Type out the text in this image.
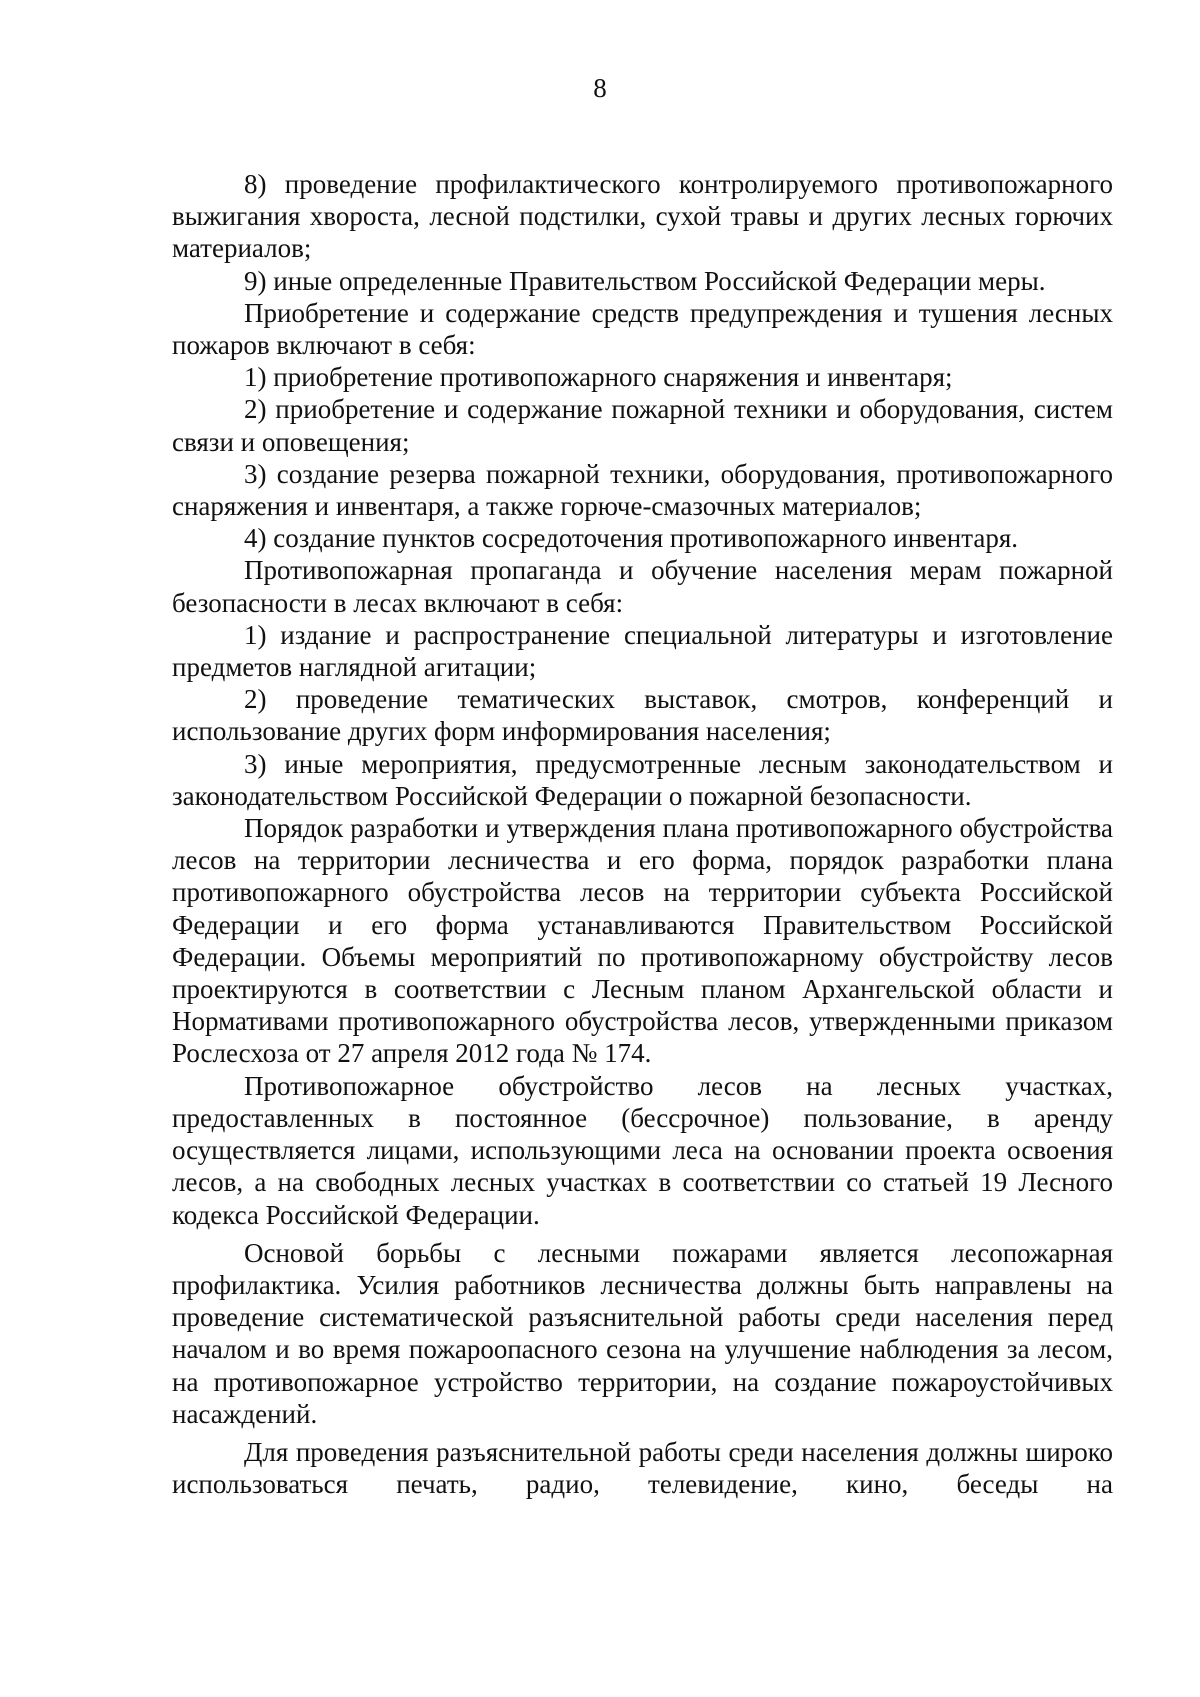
8

8) проведение профилактического контролируемого противопожарного выжигания хвороста, лесной подстилки, сухой травы и других лесных горючих материалов;

9) иные определенные Правительством Российской Федерации меры.

Приобретение и содержание средств предупреждения и тушения лесных пожаров включают в себя:

1) приобретение противопожарного снаряжения и инвентаря;

2) приобретение и содержание пожарной техники и оборудования, систем связи и оповещения;

3) создание резерва пожарной техники, оборудования, противопожарного снаряжения и инвентаря, а также горюче-смазочных материалов;

4) создание пунктов сосредоточения противопожарного инвентаря.

Противопожарная пропаганда и обучение населения мерам пожарной безопасности в лесах включают в себя:

1) издание и распространение специальной литературы и изготовление предметов наглядной агитации;

2) проведение тематических выставок, смотров, конференций и использование других форм информирования населения;

3) иные мероприятия, предусмотренные лесным законодательством и законодательством Российской Федерации о пожарной безопасности.

Порядок разработки и утверждения плана противопожарного обустройства лесов на территории лесничества и его форма, порядок разработки плана противопожарного обустройства лесов на территории субъекта Российской Федерации и его форма устанавливаются Правительством Российской Федерации. Объемы мероприятий по противопожарному обустройству лесов проектируются в соответствии с Лесным планом Архангельской области и Нормативами противопожарного обустройства лесов, утвержденными приказом Рослесхоза от 27 апреля 2012 года № 174.

Противопожарное обустройство лесов на лесных участках, предоставленных в постоянное (бессрочное) пользование, в аренду осуществляется лицами, использующими леса на основании проекта освоения лесов, а на свободных лесных участках в соответствии со статьей 19 Лесного кодекса Российской Федерации.

Основой борьбы с лесными пожарами является лесопожарная профилактика. Усилия работников лесничества должны быть направлены на проведение систематической разъяснительной работы среди населения перед началом и во время пожароопасного сезона на улучшение наблюдения за лесом, на противопожарное устройство территории, на создание пожароустойчивых насаждений.

Для проведения разъяснительной работы среди населения должны широко использоваться печать, радио, телевидение, кино, беседы на
